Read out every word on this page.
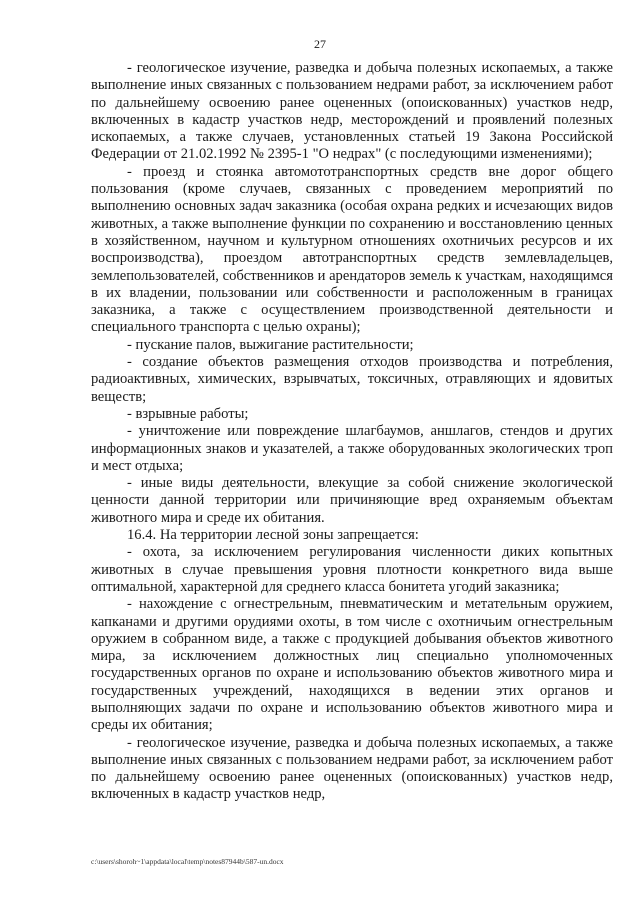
27

- геологическое изучение, разведка и добыча полезных ископаемых, а также выполнение иных связанных с пользованием недрами работ, за исключением работ по дальнейшему освоению ранее оцененных (опоискованных) участков недр, включенных в кадастр участков недр, месторождений и проявлений полезных ископаемых, а также случаев, установленных статьей 19 Закона Российской Федерации от 21.02.1992 № 2395-1 "О недрах" (с последующими изменениями);

- проезд и стоянка автомототранспортных средств вне дорог общего пользования (кроме случаев, связанных с проведением мероприятий по выполнению основных задач заказника (особая охрана редких и исчезающих видов животных, а также выполнение функции по сохранению и восстановлению ценных в хозяйственном, научном и культурном отношениях охотничьих ресурсов и их воспроизводства), проездом автотранспортных средств землевладельцев, землепользователей, собственников и арендаторов земель к участкам, находящимся в их владении, пользовании или собственности и расположенным в границах заказника, а также с осуществлением производственной деятельности и специального транспорта с целью охраны);

- пускание палов, выжигание растительности;

- создание объектов размещения отходов производства и потребления, радиоактивных, химических, взрывчатых, токсичных, отравляющих и ядовитых веществ;

- взрывные работы;

- уничтожение или повреждение шлагбаумов, аншлагов, стендов и других информационных знаков и указателей, а также оборудованных экологических троп и мест отдыха;

- иные виды деятельности, влекущие за собой снижение экологической ценности данной территории или причиняющие вред охраняемым объектам животного мира и среде их обитания.

16.4. На территории лесной зоны запрещается:

- охота, за исключением регулирования численности диких копытных животных в случае превышения уровня плотности конкретного вида выше оптимальной, характерной для среднего класса бонитета угодий заказника;

- нахождение с огнестрельным, пневматическим и метательным оружием, капканами и другими орудиями охоты, в том числе с охотничьим огнестрельным оружием в собранном виде, а также с продукцией добывания объектов животного мира, за исключением должностных лиц специально уполномоченных государственных органов по охране и использованию объектов животного мира и государственных учреждений, находящихся в ведении этих органов и выполняющих задачи по охране и использованию объектов животного мира и среды их обитания;

- геологическое изучение, разведка и добыча полезных ископаемых, а также выполнение иных связанных с пользованием недрами работ, за исключением работ по дальнейшему освоению ранее оцененных (опоискованных) участков недр, включенных в кадастр участков недр,

c:\users\shoroh~1\appdata\local\temp\notes87944b\587-un.docx
